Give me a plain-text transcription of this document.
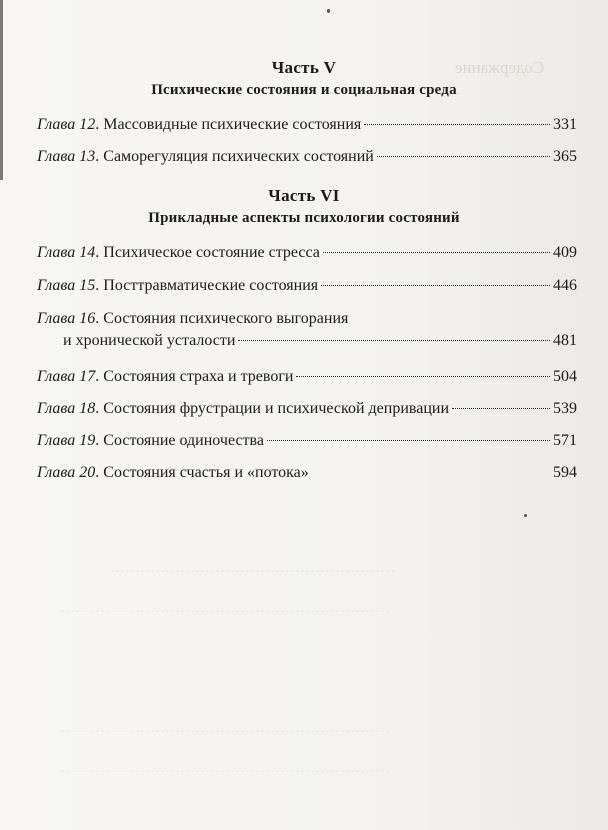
Содержание
Часть V
Психические состояния и социальная среда
Глава 12. Массовидные психические состояния	331
Глава 13. Саморегуляция психических состояний	365
Часть VI
Прикладные аспекты психологии состояний
Глава 14. Психическое состояние стресса	409
Глава 15. Посттравматические состояния	446
Глава 16. Состояния психического выгорания
и хронической усталости	481
Глава 17. Состояния страха и тревоги	504
Глава 18. Состояния фрустрации и психической депривации	539
Глава 19. Состояние одиночества	571
Глава 20. Состояния счастья и «потока»	594
…………………………………………………
…………………………………………………………
…………………………………………………………
…………………………………………………………
